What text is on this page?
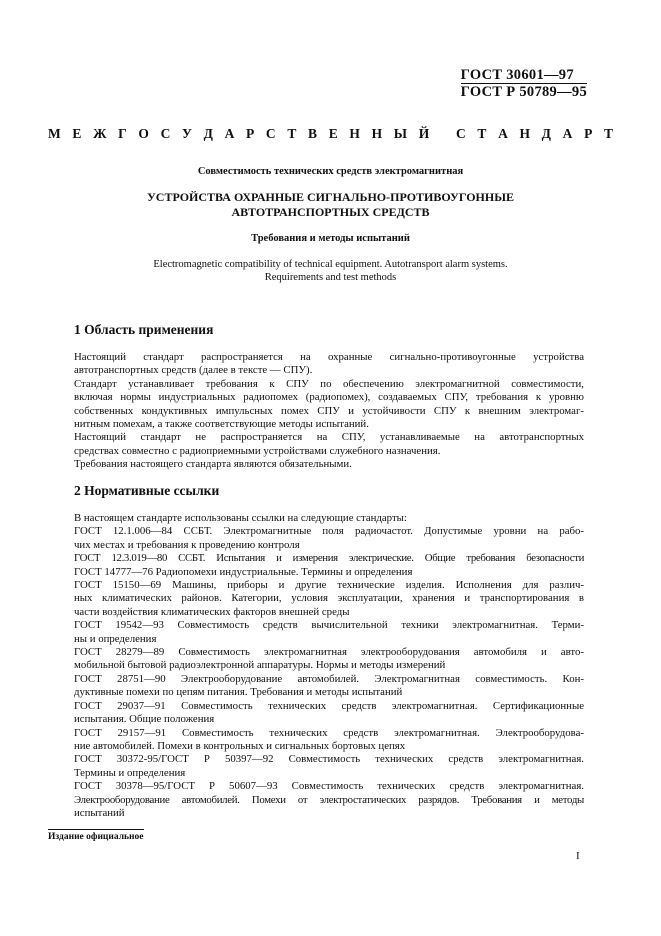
ГОСТ 30601—97
ГОСТ Р 50789—95
М Е Ж Г О С У Д А Р С Т В Е Н Н Ы Й
С Т А Н Д А Р Т
Совместимость технических средств электромагнитная
УСТРОЙСТВА ОХРАННЫЕ СИГНАЛЬНО-ПРОТИВОУГОННЫЕ
АВТОТРАНСПОРТНЫХ СРЕДСТВ
Требования и методы испытаний
Electromagnetic compatibility of technical equipment. Autotransport alarm systems.
Requirements and test methods
1 Область применения
Настоящий стандарт распространяется на охранные сигнально-противоугонные устройства
автотранспортных средств (далее в тексте — СПУ).
Стандарт устанавливает требования к СПУ по обеспечению электромагнитной совместимости,
включая нормы индустриальных радиопомех (радиопомех), создаваемых СПУ, требования к уровню
собственных кондуктивных импульсных помех СПУ и устойчивости СПУ к внешним электромаг-
нитным помехам, а также соответствующие методы испытаний.
Настоящий стандарт не распространяется на СПУ, устанавливаемые на автотранспортных
средствах совместно с радиоприемными устройствами служебного назначения.
Требования настоящего стандарта являются обязательными.
2 Нормативные ссылки
В настоящем стандарте использованы ссылки на следующие стандарты:
ГОСТ 12.1.006—84 ССБТ. Электромагнитные поля радиочастот. Допустимые уровни на рабо-
чих местах и требования к проведению контроля
ГОСТ 12.3.019—80 ССБТ. Испытания и измерения электрические. Общие требования безопасности
ГОСТ 14777—76 Радиопомехи индустриальные. Термины и определения
ГОСТ 15150—69 Машины, приборы и другие технические изделия. Исполнения для различ-
ных климатических районов. Категории, условия эксплуатации, хранения и транспортирования в
части воздействия климатических факторов внешней среды
ГОСТ 19542—93 Совместимость средств вычислительной техники электромагнитная. Терми-
ны и определения
ГОСТ 28279—89 Совместимость электромагнитная электрооборудования автомобиля и авто-
мобильной бытовой радиоэлектронной аппаратуры. Нормы и методы измерений
ГОСТ 28751—90 Электрооборудование автомобилей. Электромагнитная совместимость. Кон-
дуктивные помехи по цепям питания. Требования и методы испытаний
ГОСТ 29037—91 Совместимость технических средств электромагнитная. Сертификационные
испытания. Общие положения
ГОСТ 29157—91 Совместимость технических средств электромагнитная. Электрооборудова-
ние автомобилей. Помехи в контрольных и сигнальных бортовых цепях
ГОСТ 30372-95/ГОСТ Р 50397—92 Совместимость технических средств электромагнитная.
Термины и определения
ГОСТ 30378—95/ГОСТ Р 50607—93 Совместимость технических средств электромагнитная.
Электрооборудование автомобилей. Помехи от электростатических разрядов. Требования и методы
испытаний
Издание официальное
I
